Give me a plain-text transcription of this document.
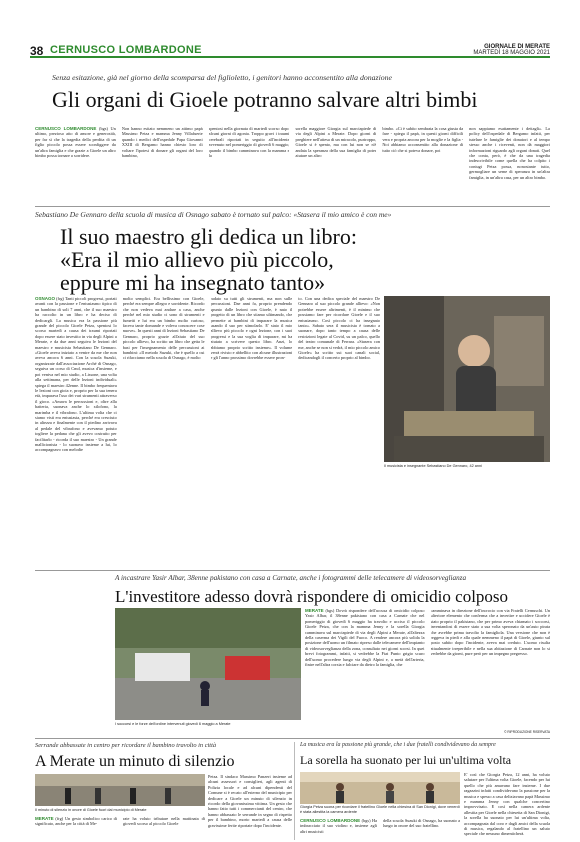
38 CERNUSCO LOMBARDONE	GIORNALE DI MERATE
MARTEDÌ 18 MAGGIO 2021
Senza esitazione, già nel giorno della scomparsa del figlioletto, i genitori hanno acconsentito alla donazione
Gli organi di Gioele potranno salvare altri bimbi
CERNUSCO LOMBARDONE (bgs) Un ultimo, prezioso atto di amore e generosità, per far sì che la tragedia della perdita di un figlio piccolo possa essere sconfiggere da un'altra famiglia e che grazie a Gioele un altro bimbo possa tornare a sorridere.
Non hanno esitato nemmeno un attimo papà Massimo Petza e mamma Jenny Villafuerte quando i medici dell'ospedale Papa Giovanni XXIII di Bergamo hanno chiesto loro di voltare l'ipotesi di donare gli organi del loro bambino,
spentosi nella giornata di martedì scorso dopo alcuni giorni di agonia. Troppo gravi i traumi cerebrali riportati in seguito all'incidente avvenuto nel pomeriggio di giovedì 6 maggio, quando il bimbo camminava con la mamma e la
sorella maggiore Giorgia sul marciapiede di via degli Alpini a Merate. Dopo giorni di preghiere nell'attesa di un miracolo, purtroppo, Gioele si è spento, ma con lui non se n'è andata la speranza della sua famiglia di poter aiutare un altro
bimbo. «Ci è subito sembrata la cosa giusta da fare - spiega il papà, in questi giorni difficili vera e propria ancora per la moglie e la figlia - Noi abbiamo acconsentito alla donazione di tutto ciò che si poteva donare, poi
non sappiamo esattamente i dettagli». La policy dell'ospedale di Bergamo infatti, per tutelare le famiglie dei donatori e al tempo stesso anche i riceventi, non dà maggiori informazioni riguardo agli organi donati. Quel che conta, però, è che da una tragedia indescrivibile come quella che ha colpito i coniugi Petza possa, nonostante tutto, germogliare un seme di speranza in un'altra famiglia, in un'altra casa, per un altro bimbo.
Sebastiano De Gennaro della scuola di musica di Osnago sabato è tornato sul palco: «Stasera il mio amico è con me»
Il suo maestro gli dedica un libro:
«Era il mio allievo più piccolo,
eppure mi ha insegnato tanto»
OSNAGO (frg) Tanti piccoli progressi, portati avanti con la passione e l'entusiasmo tipico di un bambino di soli 7 anni, che il suo maestro ha raccolto in un libro e ha deciso di dedicargli. La musica era la passione più grande del piccolo Gioele Petza, spentosi lo scorso martedì a causa dei traumi riportati dopo essere stato investito in via degli Alpini a Merate, e da due anni seguiva le lezioni del maestro e musicista Sebastiano De Gennaro. «Gioele aveva iniziato a venire da me che non aveva ancora 6 anni. Con la scuola Suzuki, organizzate dall'associazione Arché di Osnago, seguiva un corso di Cmd, musica d'insieme, e poi veniva nel mio studio, a Lissone, una volta alla settimana, per delle lezioni individuali» spiega il maestro 42enne. Il bimbo frequentava le lezioni con gioia e, proprio per la sua tenera età, imparava l'uso dei vari strumenti attraverso il gioco. «Amava le percussioni e, oltre alla batteria, suonava anche lo xilofono, la marimba e il vibrafono. L'ultima volta che ci siamo visti era entusiasta, perché era cresciuto in altezza e finalmente con il piedino arrivava al pedale del vibrafono e avevamo potuto togliere la pedana che gli avevo costruito per facilitarlo - ricorda il suo maestro - Un grande mallicionista - lo suonavo insieme a lui, lo accompagnavo con melodie
molto semplici. Era bellissimo con Gioele, perché era sempre allegro e sorridente. Ricordo che non vedeva mai andare a casa, anche perché nel mio studio ci sono di strumenti e fumetti e lui era un bimbo molto curioso, faceva tante domande e voleva conoscere cose nuove». In questi anni di lezioni Sebastiano De Gennaro, proprio grazie all'aiuto del suo piccolo allievo, ha scritto un libro che getta le basi per l'insegnamento delle percussioni ai bambini: «Il metodo Suzuki, che è quello a cui ci rifacciamo nella scuola di Osnago, è molto
radato su tutti gli strumenti, ma non sulle percussioni. Dae anni fa, proprio prendendo spunto dalle lezioni con Gioele, è nato il progetto di un libro che stiamo ultimando, che permette ai bambini di imparare la musica usando il suo per stimolarlo. E' stato il mio allievo più piccolo e ogni lezione, con i suoi progressi e la sua voglia di imparare, mi ha aiutato a scrivere questo libro. Anzi, lo abbiamo proprio scritto insieme». Il volume verrà rivisto e abbellito con alcune illustrazioni e gli l'anno prossimo dovrebbe essere pron-
to. Con una dedica speciale del maestro De Gennaro al suo piccolo grande allievo: «Non potrebbe essere altrimenti, è il minimo che possiamo fare per ricordare Gioele e il suo entusiasmo. Così piccolo ci ha insegnato tanto». Sabato sera il musicista è tornato a suonare, dopo tanto tempo a causa delle restrizioni legate al Covid, su un palco, quello del teatro comunale di Ferrara. «Stasera con me, anche se non si vedrà, il mio piccolo amico Gioele» ha scritto sui suoi canali social, dedicandogli il concerto proprio al bimbo.
Il musicista e insegnante Sebastiano De Gennaro, 42 anni
A incastrare Yasir Albar, 38enne pakistano con casa a Carnate, anche i fotogrammi delle telecamere di videosorveglianza
L'investitore adesso dovrà rispondere di omicidio colposo
I soccorsi e le forze dell'ordine intervenuti giovedì 6 maggio a Merate
MERATE (bgs) Dovrà rispondere dell'accusa di omicidio colposo Yasir Albar, il 38enne pakistano con casa a Carnate che nel pomeriggio di giovedì 6 maggio ha travolto e ucciso il piccolo Gioele Petza, che con la mamma Jenny e la sorella Giorgia camminava sul marciapiede di via degli Alpini a Merate, all'altezza della caserma dei Vigili del Fuoco. A rendere ancora più solida la posizione dell'uomo un filmato ripreso dalle telecamere dell'impianto di videosorveglianza della zona, consultato nei giorni scorsi. In quei brevi fotogrammi, infatti, si vedrebbe la Fiat Punto grigio scuro dell'uomo procedere lungo via degli Alpini e, a metà dell'arteria, finire nell'altra corsia e falciare da dietro la famiglia, che
camminava in direzione dell'incrocio con via Fratelli Cernuschi. Un ulteriore elemento che conferma che a invertire e uccidere Gioele è stato proprio il pakistano, che per primo aveva chiamato i soccorsi, inventandosi di essere stato a sua volta speronato da un'auto pirata che avrebbe prima travolto la famigliola. Una versione che non è reggeva in piedi e alla quale nemmeno il papà di Gioele, giunto sul posto subito dopo l'incidente, aveva mai creduto. L'uomo risulta attualmente irreperibile e nella sua abitazione di Carnate non lo si vedrebbe da giorni, pure però per un impegno pregresso.
© RIPRODUZIONE RISERVATA
Serrande abbassate in centro per ricordare il bambino travolto in città
A Merate un minuto di silenzio
Il minuto di silenzio in onore di Gioele fuori dal municipio di Merate
MERATE (frg) Un gesto simbolico carico di significato, anche per la città di Me-
rate ha voluto tributare nella mattinata di giovedì scorso al piccolo Gioele
Petza. Il sindaco Massimo Panzeri insieme ad alcuni assessori e consiglieri, agli agenti di Polizia locale e ad alcuni dipendenti del Comune si è recato all'esterno del municipio per dedicare a Gioele un minuto di silenzio in ricordo della giovanissima vittima. Un gesto che hanno fatto tutti i commercianti del centro, che hanno abbassato le serrande in segno di rispetto per il bambino, morto martedì a causa delle gravissime ferite riportate dopo l'incidente.
La musica era la passione più grande, che i due fratelli condividevano da sempre
La sorella ha suonato per lui un'ultima volta
Giorgia Petza suona per ricordare il fratellino Gioele nella chiesina di San Dionigi, dove venerdì è stata allestita la camera ardente
CERNUSCO LOMBARDONE (bgs) Ha imbracciato il suo violino e, insieme agli altri musicisti
della scuola Suzuki di Osnago, ha suonato a lungo in onore del suo fratellino.
E' così che Giorgia Petza, 12 anni, ha voluto salutare per l'ultima volta Gioele, facendo per lui quello che più amavano fare insieme. I due ragazzini infatti condividevano la passione per la musica e spesso a casa deliziavano papà Massimo e mamma Jenny con qualche concertino improvvisato. E così nella camera ardente allestita per Gioele nella chiesetta di San Dionigi, la sorella ha suonato per lui un'ultima volta, accompagnata dal coro e dagli amici della scuola di musica, regalando al fratellino un saluto speciale che nessuno dimenticherà.
